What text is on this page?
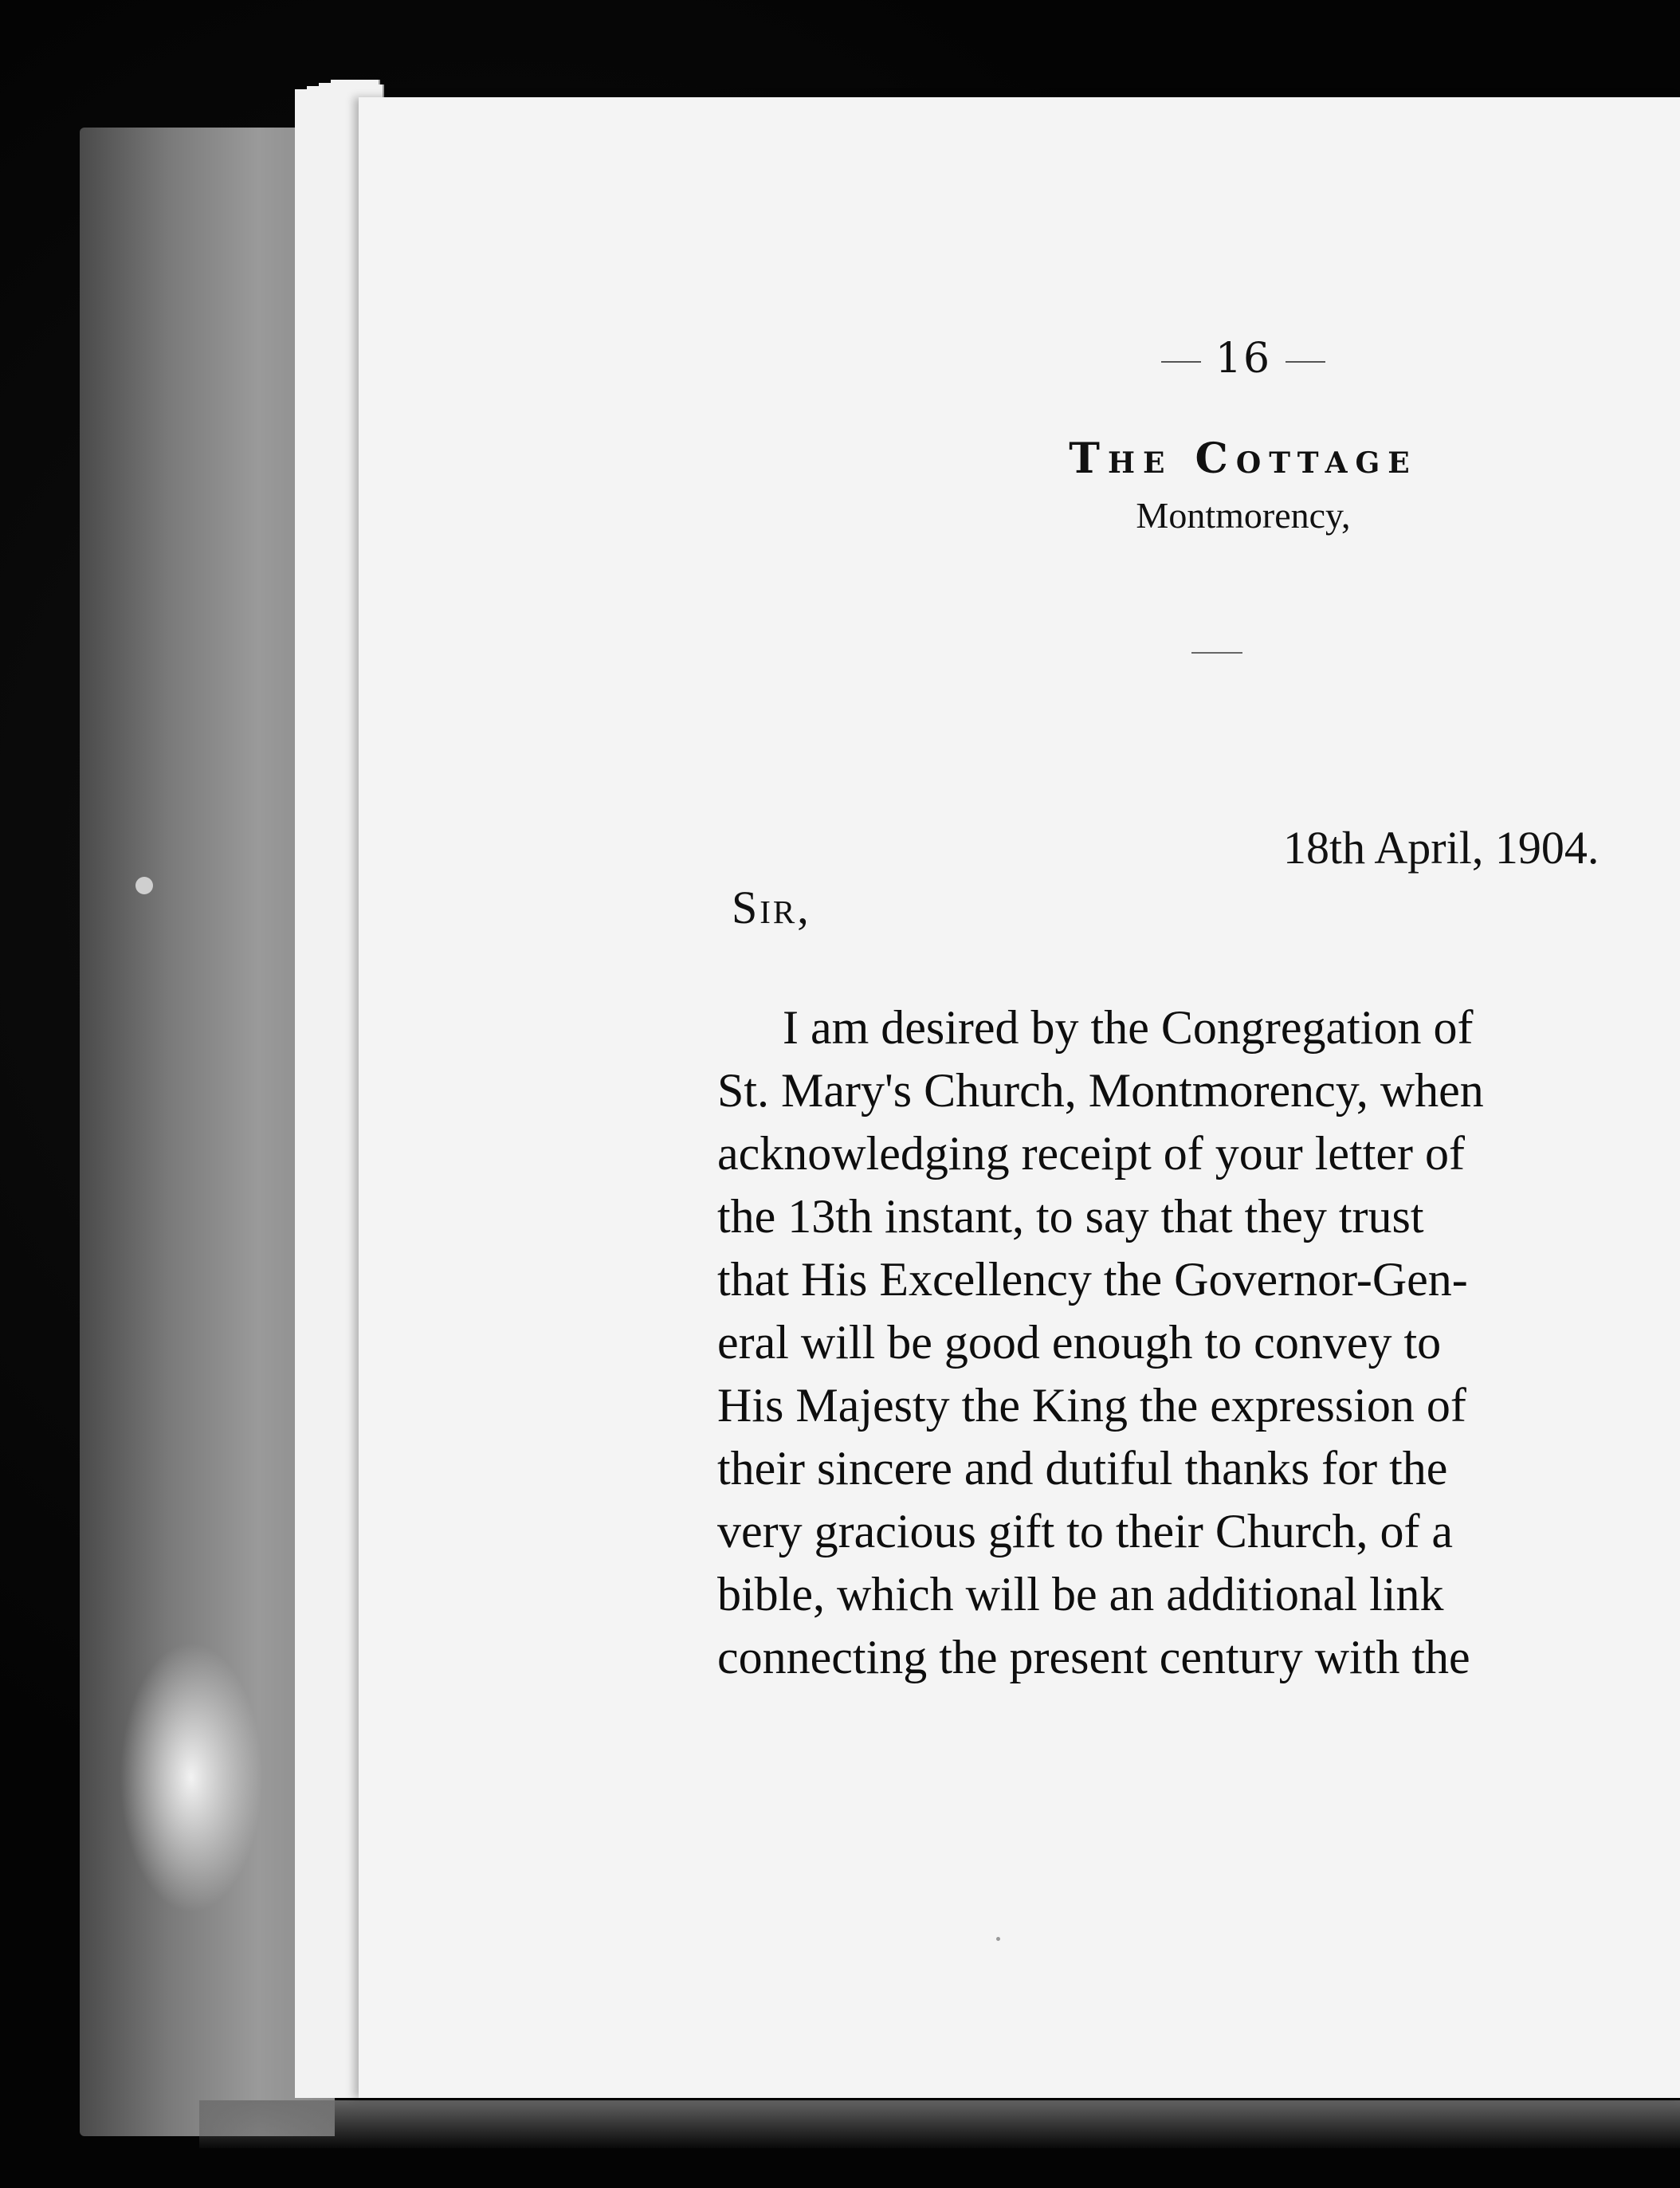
16
The Cottage
Montmorency,
18th April, 1904.
Sir,
I am desired by the Congregation of
St. Mary's Church, Montmorency, when
acknowledging receipt of your letter of
the 13th instant, to say that they trust
that His Excellency the Governor-Gen-
eral will be good enough to convey to
His Majesty the King the expression of
their sincere and dutiful thanks for the
very gracious gift to their Church, of a
bible, which will be an additional link
connecting the present century with the
